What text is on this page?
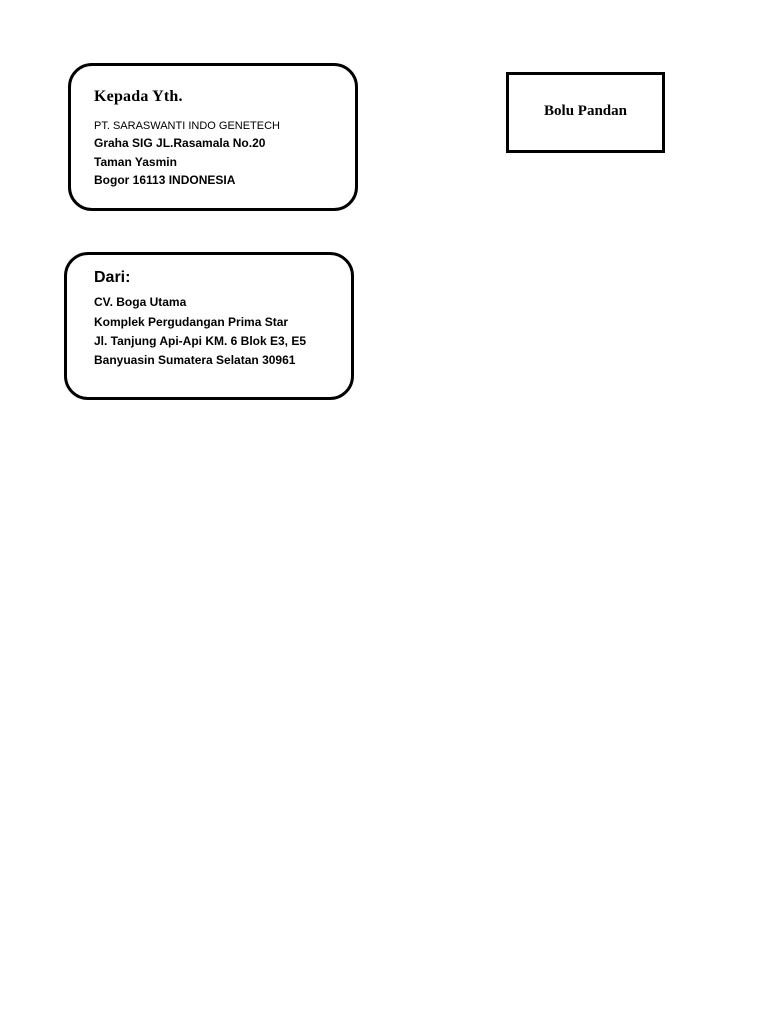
Kepada Yth.
PT. SARASWANTI INDO GENETECH
Graha SIG JL.Rasamala No.20
Taman Yasmin
Bogor 16113 INDONESIA
Bolu Pandan
Dari:
CV. Boga Utama
Komplek Pergudangan Prima Star
Jl. Tanjung Api-Api KM. 6 Blok E3, E5
Banyuasin Sumatera Selatan 30961
